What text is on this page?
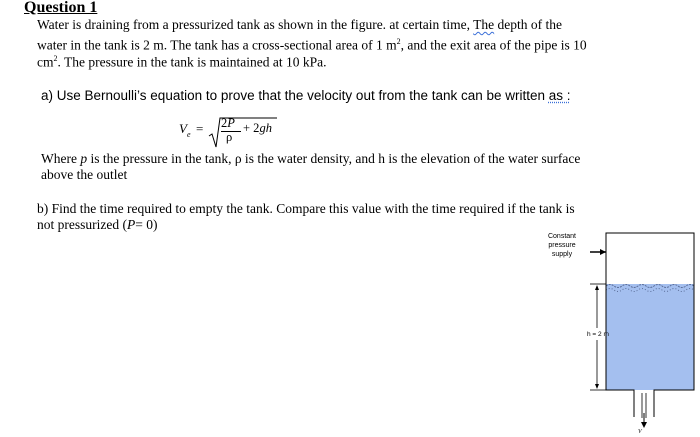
Question 1
Water is draining from a pressurized tank as shown in the figure. at certain time, The depth of the
water in the tank is 2 m. The tank has a cross-sectional area of 1 $m^2$, and the exit area of the pipe is 10
$cm^2$. The pressure in the tank is maintained at 10 kPa.
a) Use Bernoulli’s equation to prove that the velocity out from the tank can be written as :
V e = 2P
ρ
+ 2gh
Where p is the pressure in the tank, ρ is the water density, and h is the elevation of the water surface
above the outlet
b) Find the time required to empty the tank. Compare this value with the time required if the tank is
not pressurized (P= 0)
Constant
pressure
supply
h = 2 m
V
